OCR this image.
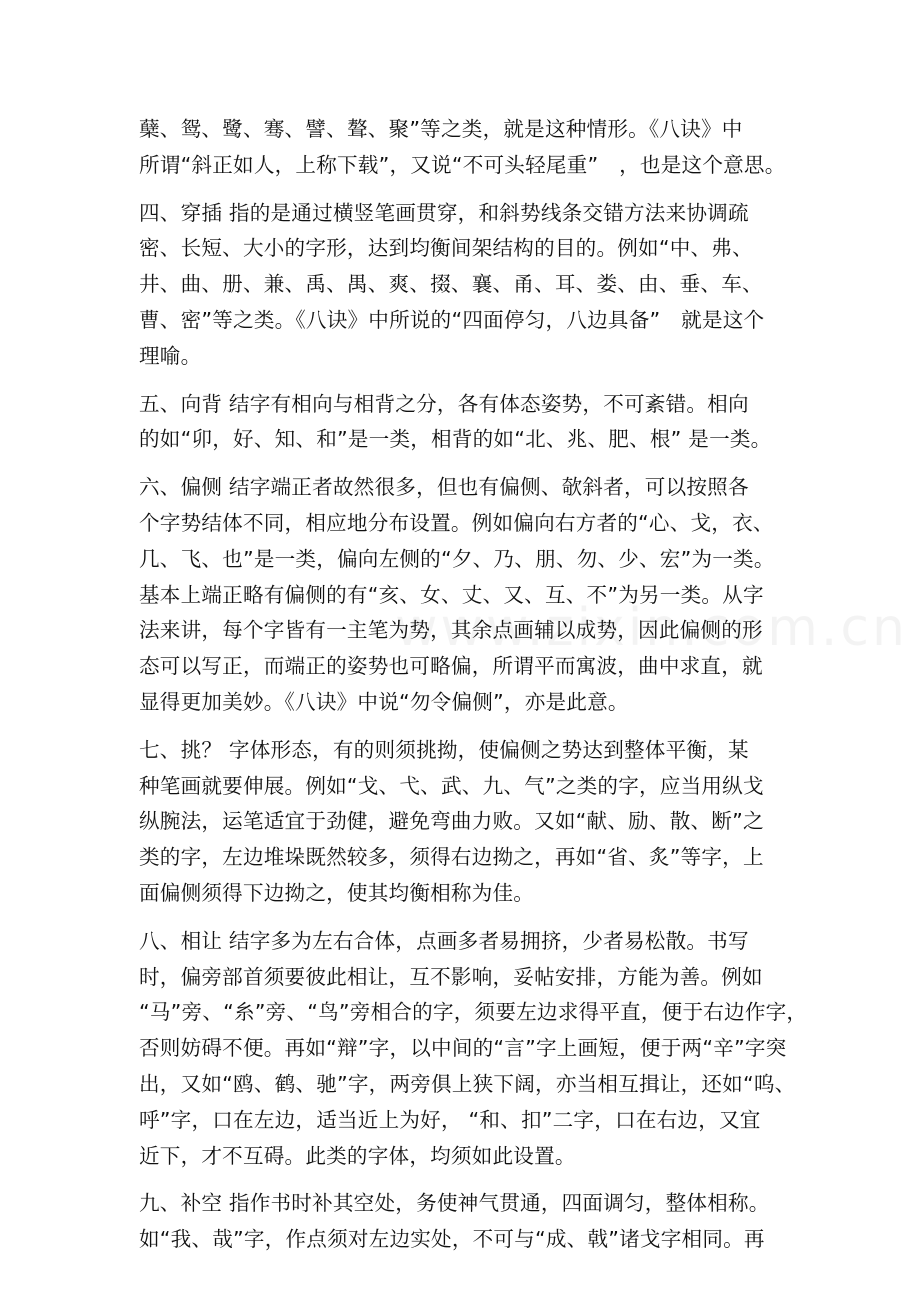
蘖、鸳、鹭、骞、譬、聱、聚”等之类，就是这种情形。《八诀》中
所谓“斜正如人，上称下载”，又说“不可头轻尾重”　，也是这个意思。
四、穿插 指的是通过横竖笔画贯穿，和斜势线条交错方法来协调疏
密、长短、大小的字形，达到均衡间架结构的目的。例如“中、弗、
井、曲、册、兼、禹、禺、爽、掇、襄、甬、耳、娄、由、垂、车、
曹、密”等之类。《八诀》中所说的“四面停匀，八边具备”　就是这个
理喻。
五、向背 结字有相向与相背之分，各有体态姿势，不可紊错。相向
的如“卯，好、知、和”是一类，相背的如“北、兆、肥、根” 是一类。
六、偏侧 结字端正者故然很多，但也有偏侧、欹斜者，可以按照各
个字势结体不同，相应地分布设置。例如偏向右方者的“心、戈，衣、
几、飞、也”是一类，偏向左侧的“夕、乃、朋、勿、少、宏”为一类。
基本上端正略有偏侧的有“亥、女、丈、又、互、不”为另一类。从字
法来讲，每个字皆有一主笔为势，其余点画辅以成势，因此偏侧的形
态可以写正，而端正的姿势也可略偏，所谓平而寓波，曲中求直，就
显得更加美妙。《八诀》中说“勿令偏侧”，亦是此意。
七、挑？ 字体形态，有的则须挑拗，使偏侧之势达到整体平衡，某
种笔画就要伸展。例如“戈、弋、武、九、气”之类的字，应当用纵戈
纵腕法，运笔适宜于劲健，避免弯曲力败。又如“献、励、散、断”之
类的字，左边堆垛既然较多，须得右边拗之，再如“省、炙”等字，上
面偏侧须得下边拗之，使其均衡相称为佳。
八、相让 结字多为左右合体，点画多者易拥挤，少者易松散。书写
时，偏旁部首须要彼此相让，互不影响，妥帖安排，方能为善。例如
“马”旁、“糸”旁、“鸟”旁相合的字，须要左边求得平直，便于右边作字，
否则妨碍不便。再如“辩”字，以中间的“言”字上画短，便于两“辛”字突
出，又如“鸥、鹤、驰”字，两旁俱上狭下阔，亦当相互揖让，还如“呜、
呼”字，口在左边，适当近上为好， “和、扣”二字，口在右边，又宜
近下，才不互碍。此类的字体，均须如此设置。
九、补空 指作书时补其空处，务使神气贯通，四面调匀，整体相称。
如“我、哉”字，作点须对左边实处，不可与“成、戟”诸戈字相同。再
